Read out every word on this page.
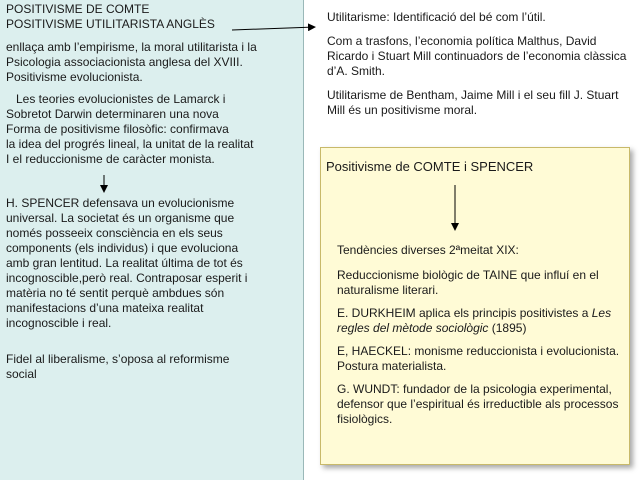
POSITIVISME DE COMTE

POSITIVISME UTILITARISTA ANGLÈS

enllaça amb l’empirisme, la moral utilitarista i la
Psicologia associacionista anglesa del XVIII.
Positivisme evolucionista.

Les teories evolucionistes de Lamarck i
Sobretot Darwin determinaren una nova
Forma de positivisme filosòfic: confirmava
la idea del progrés lineal, la unitat de la realitat
I el reduccionisme de caràcter monista.

H. SPENCER defensava un evolucionisme
universal. La societat és un organisme que
només posseeix consciència en els seus
components (els individus) i que evoluciona
amb gran lentitud. La realitat última de tot és
incognoscible,però real. Contraposar esperit i
matèria no té sentit perquè ambdues són
manifestacions d’una mateixa realitat
incognoscible i real.

Fidel al liberalisme, s’oposa al reformisme
social

Utilitarisme: Identificació del bé com l’útil.

Com a trasfons, l’economia política Malthus, David Ricardo i Stuart Mill continuadors de l’economia clàssica d’A. Smith.

Utilitarisme de Bentham, Jaime Mill i el seu fill J. Stuart Mill és un positivisme moral.

Positivisme de COMTE i SPENCER

Tendències diverses 2ªmeitat XIX:

Reduccionisme biològic de TAINE que influí en el naturalisme literari.

E. DURKHEIM aplica els principis positivistes a Les regles del mètode sociològic (1895)

E, HAECKEL: monisme reduccionista i evolucionista. Postura materialista.

G. WUNDT: fundador de la psicologia experimental, defensor que l’espiritual és irreductible als processos fisiològics.
